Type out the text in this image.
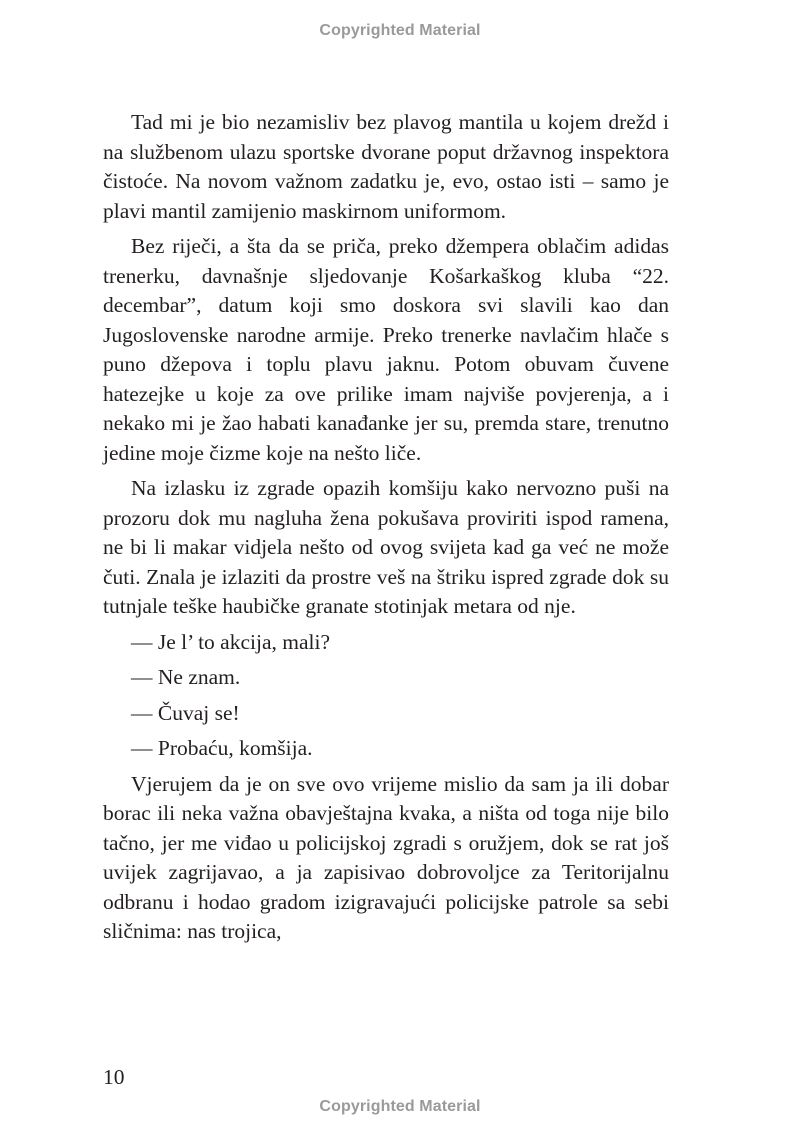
Copyrighted Material

Tad mi je bio nezamisliv bez plavog mantila u kojem drežd i na službenom ulazu sportske dvorane poput državnog inspektora čistoće. Na novom važnom zadatku je, evo, ostao isti – samo je plavi mantil zamijenio maskirnom uniformom.

Bez riječi, a šta da se priča, preko džempera oblačim adidas trenerku, davnašnje sljedovanje Košarkaškog kluba “22. decembar”, datum koji smo doskora svi slavili kao dan Jugoslovenske narodne armije. Preko trenerke navlačim hlače s puno džepova i toplu plavu jaknu. Potom obuvam čuvene hatezejke u koje za ove prilike imam najviše povjerenja, a i nekako mi je žao habati kanađanke jer su, premda stare, trenutno jedine moje čizme koje na nešto liče.

Na izlasku iz zgrade opazih komšiju kako nervozno puši na prozoru dok mu nagluha žena pokušava proviriti ispod ramena, ne bi li makar vidjela nešto od ovog svijeta kad ga već ne može čuti. Znala je izlaziti da prostre veš na štriku ispred zgrade dok su tutnjale teške haubičke granate stotinjak metara od nje.

— Je l’ to akcija, mali?

— Ne znam.

— Čuvaj se!

— Probaću, komšija.

Vjerujem da je on sve ovo vrijeme mislio da sam ja ili dobar borac ili neka važna obavještajna kvaka, a ništa od toga nije bilo tačno, jer me viđao u policijskoj zgradi s oružjem, dok se rat još uvijek zagrijavao, a ja zapisivao dobrovoljce za Teritorijalnu odbranu i hodao gradom izigravajući policijske patrole sa sebi sličnima: nas trojica,

10
Copyrighted Material
